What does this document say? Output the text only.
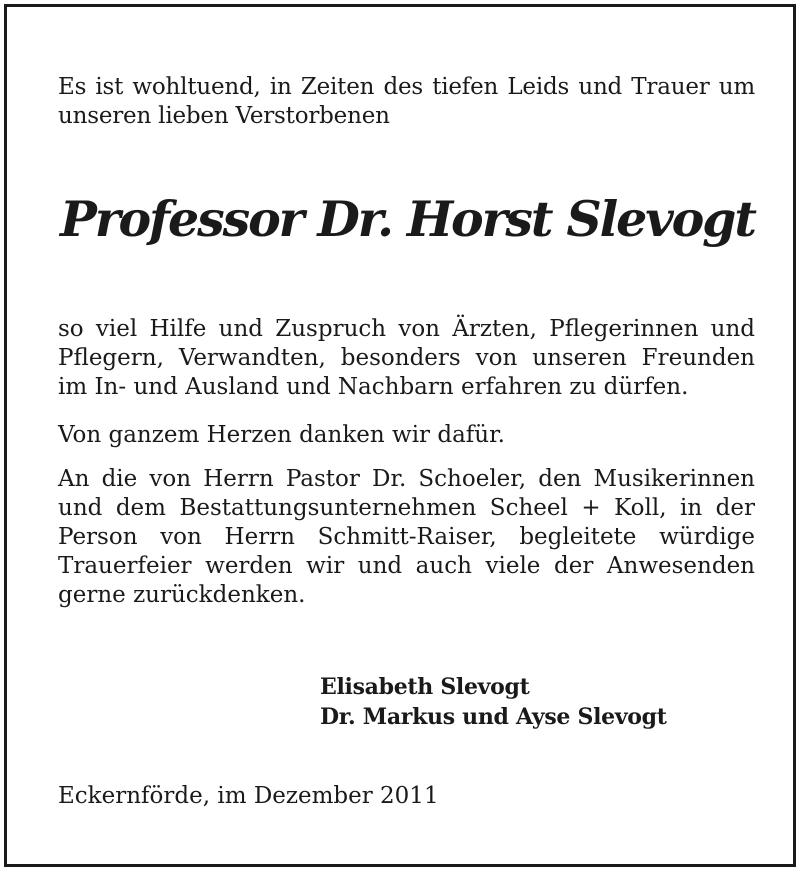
Es ist wohltuend, in Zeiten des tiefen Leids und Trauer um
unseren lieben Verstorbenen

Professor Dr. Horst Slevogt

so viel Hilfe und Zuspruch von Ärzten, Pflegerinnen und
Pflegern, Verwandten, besonders von unseren Freunden
im In- und Ausland und Nachbarn erfahren zu dürfen.

Von ganzem Herzen danken wir dafür.

An die von Herrn Pastor Dr. Schoeler, den Musikerinnen
und dem Bestattungsunternehmen Scheel + Koll, in der
Person von Herrn Schmitt-Raiser, begleitete würdige
Trauerfeier werden wir und auch viele der Anwesenden
gerne zurückdenken.

Elisabeth Slevogt
Dr. Markus und Ayse Slevogt

Eckernförde, im Dezember 2011
